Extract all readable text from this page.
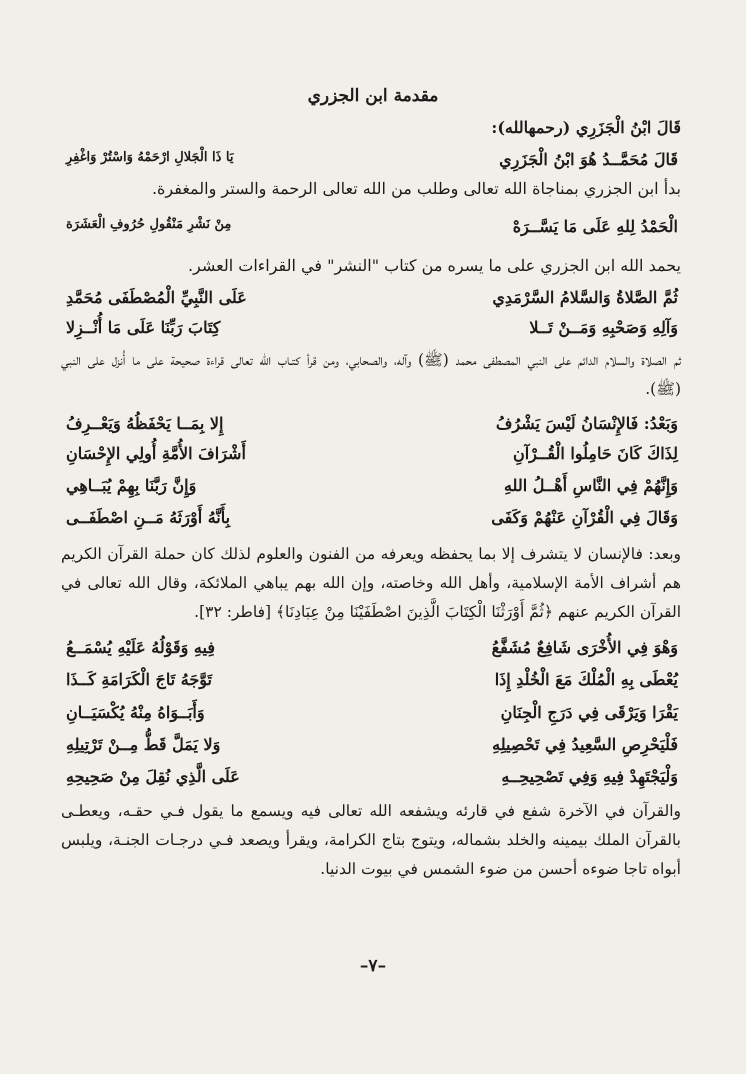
مقدمة ابن الجزري
قَالَ ابْنُ الْجَزَرِي (رحمهالله):
قَالَ مُحَمَّــدُ هُوَ ابْنُ الْجَزَرِي
يَا ذَا الْجَلالِ ارْحَمْهُ وَاسْتُرْ وَاغْفِرِ
بدأ ابن الجزري بمناجاة الله تعالى وطلب من الله تعالى الرحمة والستر والمغفرة.
الْحَمْدُ لِلهِ عَلَى مَا يَسَّــرَهْ
مِنْ نَشْرِ مَنْقُولِ حُرُوفِ الْعَشَرَة
يحمد الله ابن الجزري على ما يسره من كتاب "النشر" في القراءات العشر.
ثُمَّ الصَّلاةُ وَالسَّلامُ السَّرْمَدِي
عَلَى النَّبِيِّ الْمُصْطَفَى مُحَمَّدِ
وَآلِهِ وَصَحْبِهِ وَمَــنْ تَــلا
كِتَابَ رَبِّنَا عَلَى مَا أُنْــزِلا
ثم الصلاة والسلام الدائم على النبي المصطفى محمد (ﷺ) وآله، والصحابي، ومن قرأ كتـاب الله تعالى قراءة صحيحة على ما أُنزل على النبي (ﷺ).
وَبَعْدُ: فَالإِنْسَانُ لَيْسَ يَشْرُفُ
إِلا بِمَــا يَحْفَظُهُ وَيَعْــرِفُ
لِذَاكَ كَانَ حَامِلُوا الْقُــرْآنِ
أَشْرَافَ الأُمَّةِ أُولِي الإِحْسَانِ
وَإِنَّهُمْ فِي النَّاسِ أَهْــلُ اللهِ
وَإِنَّ رَبَّنَا بِهِمْ يُبَــاهِي
وَقَالَ فِي الْقُرْآنِ عَنْهُمْ وَكَفَى
بِأَنَّهُ أَوْرَثَهُ مَــنِ اصْطَفَــى
وبعد: فالإنسان لا يتشرف إلا بما يحفظه ويعرفه من الفنون والعلوم لذلك كان حملة القرآن الكريم هم أشراف الأمة الإسلامية، وأهل الله وخاصته، وإن الله بهم يباهي الملائكة، وقال الله تعالى في القرآن الكريم عنهم ﴿ثُمَّ أَوْرَثْنَا الْكِتَابَ الَّذِينَ اصْطَفَيْنَا مِنْ عِبَادِنَا﴾ [فاطر: ٣٢].
وَهْوَ فِي الأُخْرَى شَافِعٌ مُشَفَّعُ
فِيهِ وَقَوْلُهُ عَلَيْهِ يُسْمَــعُ
يُعْطَى بِهِ الْمُلْكَ مَعَ الْخُلْدِ إِذَا
تَوَّجَهُ تَاجَ الْكَرَامَةِ كَــذَا
يَقْرَا وَيَرْقَى فِي دَرَجِ الْجِنَانِ
وَأَبَــوَاهُ مِنْهُ يُكْسَيَــانِ
فَلْيَحْرِصِ السَّعِيدُ فِي تَحْصِيلِهِ
وَلا يَمَلَّ قَطُّ مِــنْ تَرْتِيلِهِ
وَلْيَجْتَهِدْ فِيهِ وَفِي تَصْحِيحِــهِ
عَلَى الَّذِي نُقِلَ مِنْ صَحِيحِهِ
والقرآن في الآخرة شفع في قارئه ويشفعه الله تعالى فيه ويسمع ما يقول فـي حقـه، ويعطـى بالقرآن الملك بيمينه والخلد بشماله، ويتوج بتاج الكرامة، ويقرأ ويصعد فـي درجـات الجنـة، ويلبس أبواه تاجا ضوءه أحسن من ضوء الشمس في بيوت الدنيا.
–٧–
